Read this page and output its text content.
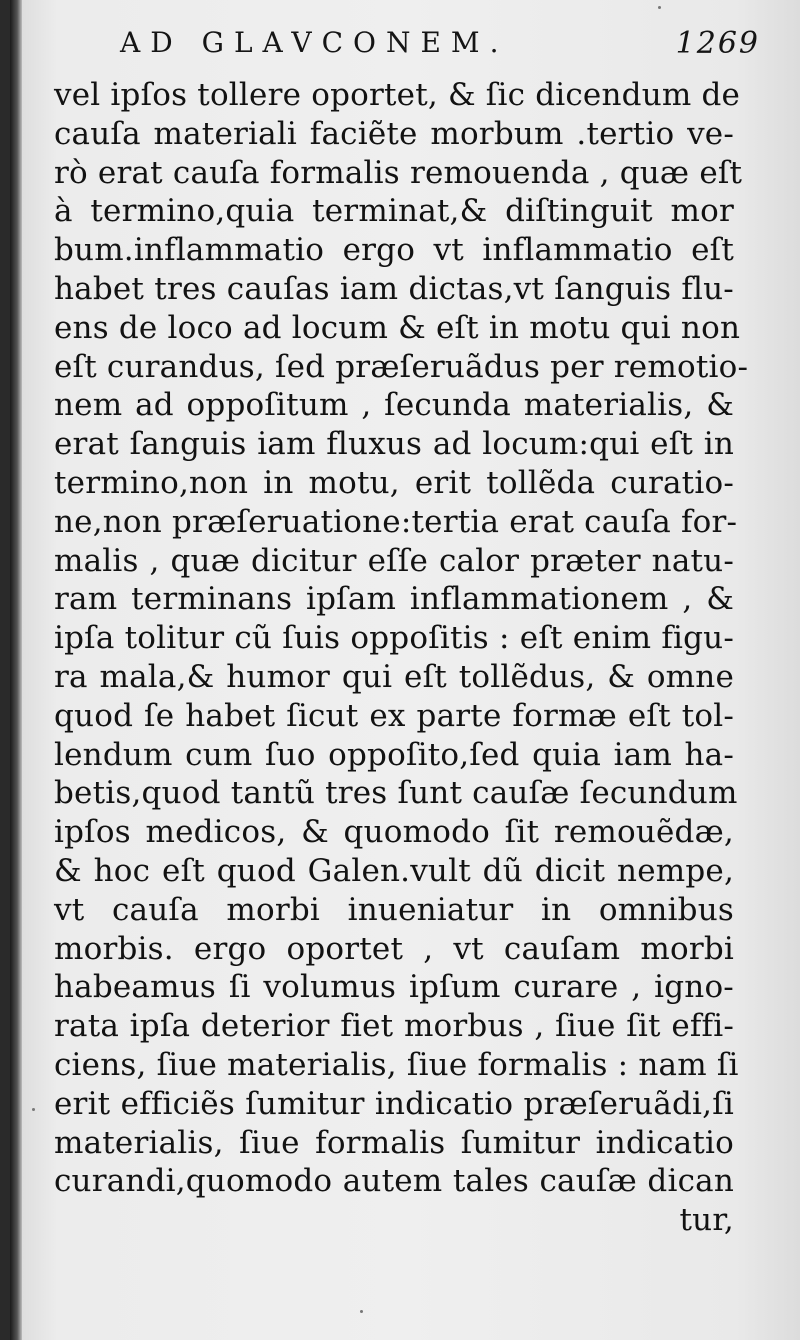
AD GLAVCONEM.	1269
vel ipſos tollere oportet, & ſic dicendum de
cauſa materiali faciẽte morbum .tertio ve-
rò erat cauſa formalis remouenda , quæ eſt
à termino,quia terminat,& diſtinguit mor
bum.inflammatio ergo vt inflammatio eſt
habet tres cauſas iam dictas,vt ſanguis flu-
ens de loco ad locum & eſt in motu qui non
eſt curandus, ſed præſeruãdus per remotio-
nem ad oppoſitum , ſecunda materialis, &
erat ſanguis iam fluxus ad locum:qui eſt in
termino,non in motu, erit tollẽda curatio-
ne,non præſeruatione:tertia erat cauſa for-
malis , quæ dicitur eſſe calor præter natu-
ram terminans ipſam inflammationem , &
ipſa tolitur cũ ſuis oppoſitis : eſt enim figu-
ra mala,& humor qui eſt tollẽdus, & omne
quod ſe habet ſicut ex parte formæ eſt tol-
lendum cum ſuo oppoſito,ſed quia iam ha-
betis,quod tantũ tres ſunt cauſæ ſecundum
ipſos medicos, & quomodo ſit remouẽdæ,
& hoc eſt quod Galen.vult dũ dicit nempe,
vt cauſa morbi inueniatur in omnibus
morbis. ergo oportet , vt cauſam morbi
habeamus ſi volumus ipſum curare , igno-
rata ipſa deterior fiet morbus , ſiue ſit effi-
ciens, ſiue materialis, ſiue formalis : nam ſi
erit efficiẽs ſumitur indicatio præſeruãdi,ſi
materialis, ſiue formalis ſumitur indicatio
curandi,quomodo autem tales cauſæ dican
tur,
